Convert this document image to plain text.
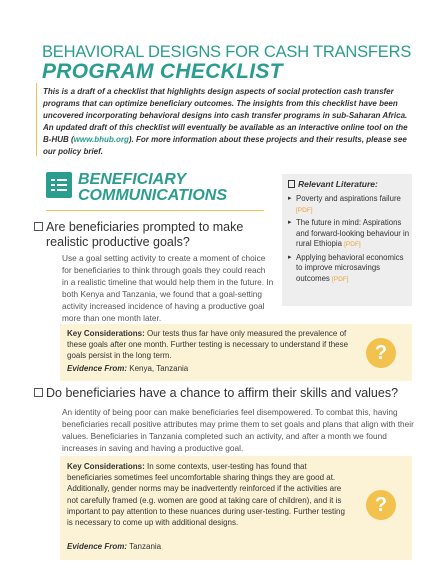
BEHAVIORAL DESIGNS FOR CASH TRANSFERS
PROGRAM CHECKLIST
This is a draft of a checklist that highlights design aspects of social protection cash transfer programs that can optimize beneficiary outcomes. The insights from this checklist have been uncovered incorporating behavioral designs into cash transfer programs in sub-Saharan Africa. An updated draft of this checklist will eventually be available as an interactive online tool on the B-HUB (www.bhub.org). For more information about these projects and their results, please see our policy brief.
BENEFICIARY
COMMUNICATIONS
Relevant Literature:
▸ Poverty and aspirations failure [PDF]
▸ The future in mind: Aspirations and forward-looking behaviour in rural Ethiopia [PDF]
▸ Applying behavioral economics to improve microsavings outcomes [PDF]
Are beneficiaries prompted to make realistic productive goals?
Use a goal setting activity to create a moment of choice for beneficiaries to think through goals they could reach in a realistic timeline that would help them in the future. In both Kenya and Tanzania, we found that a goal-setting activity increased incidence of having a productive goal more than one month later.
Key Considerations: Our tests thus far have only measured the prevalence of these goals after one month. Further testing is necessary to understand if these goals persist in the long term.
Evidence From: Kenya, Tanzania
?
Do beneficiaries have a chance to affirm their skills and values?
An identity of being poor can make beneficiaries feel disempowered. To combat this, having beneficiaries recall positive attributes may prime them to set goals and plans that align with their values. Beneficiaries in Tanzania completed such an activity, and after a month we found increases in saving and having a productive goal.
Key Considerations: In some contexts, user-testing has found that beneficiaries sometimes feel uncomfortable sharing things they are good at. Additionally, gender norms may be inadvertently reinforced if the activities are not carefully framed (e.g. women are good at taking care of children), and it is important to pay attention to these nuances during user-testing. Further testing is necessary to come up with additional designs.
Evidence From: Tanzania
?
